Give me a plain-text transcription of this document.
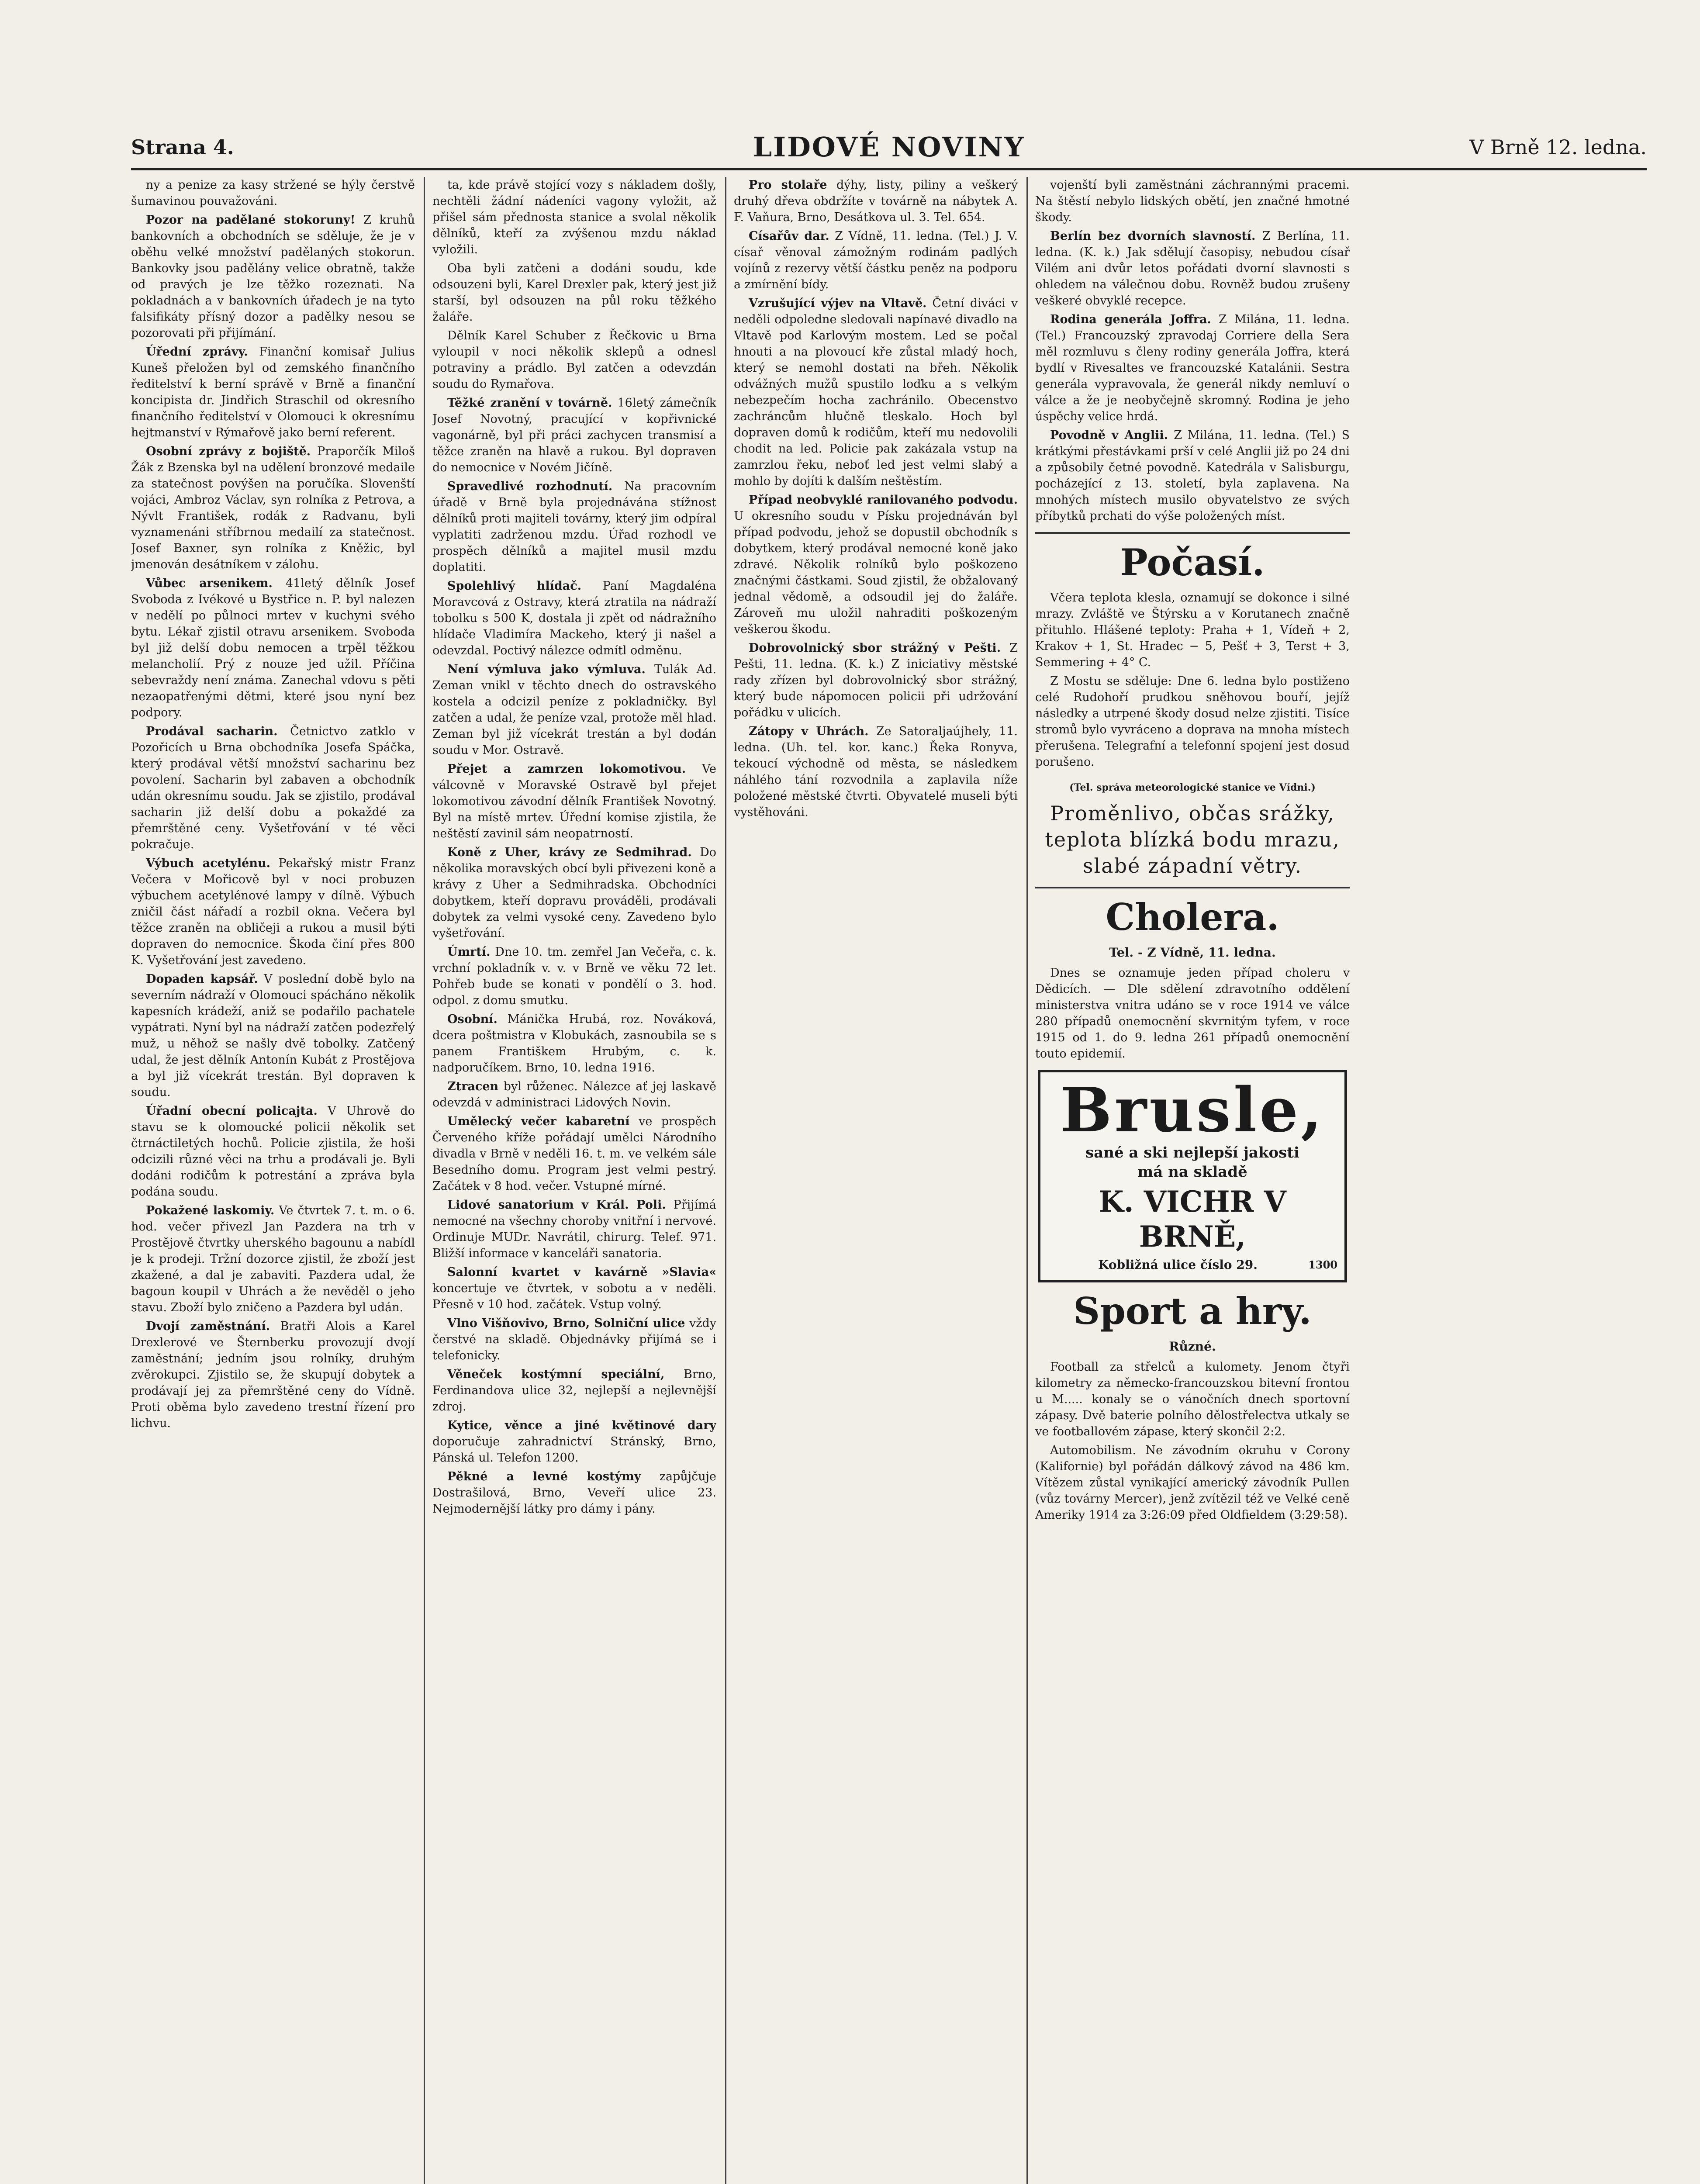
Strana 4.	LIDOVÉ NOVINY	V Brně 12. ledna.

ny a penize za kasy stržené se hýly čerstvě šumavinou pouvažováni.

Pozor na padělané stokoruny! Z kruhů bankovních a obchodních se sděluje, že je v oběhu velké množství padělaných stokorun. Bankovky jsou padělány velice obratně, takže od pravých je lze těžko rozeznati. Na pokladnách a v bankovních úřadech je na tyto falsifikáty přísný dozor a padělky nesou se pozorovati při přijímání.

Úřední zprávy. Finanční komisař Julius Kuneš přeložen byl od zemského finančního ředitelství k berní správě v Brně a finanční koncipista dr. Jindřich Straschil od okresního finančního ředitelství v Olomouci k okresnímu hejtmanství v Rýmařově jako berní referent.

Osobní zprávy z bojiště. Praporčík Miloš Žák z Bzenska byl na udělení bronzové medaile za statečnost povýšen na poručíka. Slovenští vojáci, Ambroz Václav, syn rolníka z Petrova, a Nývlt František, rodák z Radvanu, byli vyznamenáni stříbrnou medailí za statečnost. Josef Baxner, syn rolníka z Kněžic, byl jmenován desátníkem v zálohu.

Vůbec arsenikem. 41letý dělník Josef Svoboda z Ivékové u Bystřice n. P. byl nalezen v nedělí po půlnoci mrtev v kuchyni svého bytu. Lékař zjistil otravu arsenikem. Svoboda byl již delší dobu nemocen a trpěl těžkou melancholií. Prý z nouze jed užil. Příčina sebevraždy není známa. Zanechal vdovu s pěti nezaopatřenými dětmi, které jsou nyní bez podpory.

Prodával sacharin. Četnictvo zatklo v Pozořicích u Brna obchodníka Josefa Spáčka, který prodával větší množství sacharinu bez povolení. Sacharin byl zabaven a obchodník udán okresnímu soudu. Jak se zjistilo, prodával sacharin již delší dobu a pokaždé za přemrštěné ceny. Vyšetřování v té věci pokračuje.

Výbuch acetylénu. Pekařský mistr Franz Večera v Mořicově byl v noci probuzen výbuchem acetylénové lampy v dílně. Výbuch zničil část nářadí a rozbil okna. Večera byl těžce zraněn na obličeji a rukou a musil býti dopraven do nemocnice. Škoda činí přes 800 K. Vyšetřování jest zavedeno.

Dopaden kapsář. V poslední době bylo na severním nádraží v Olomouci spácháno několik kapesních krádeží, aniž se podařilo pachatele vypátrati. Nyní byl na nádraží zatčen podezřelý muž, u něhož se našly dvě tobolky. Zatčený udal, že jest dělník Antonín Kubát z Prostějova a byl již vícekrát trestán. Byl dopraven k soudu.

Úřadní obecní policajta. V Uhrově do stavu se k olomoucké policii několik set čtrnáctiletých hochů. Policie zjistila, že hoši odcizili různé věci na trhu a prodávali je. Byli dodáni rodičům k potrestání a zpráva byla podána soudu.

Pokažené laskomiy. Ve čtvrtek 7. t. m. o 6. hod. večer přivezl Jan Pazdera na trh v Prostějově čtvrtky uherského bagounu a nabídl je k prodeji. Tržní dozorce zjistil, že zboží jest zkažené, a dal je zabaviti. Pazdera udal, že bagoun koupil v Uhrách a že nevěděl o jeho stavu. Zboží bylo zničeno a Pazdera byl udán.

Dvojí zaměstnání. Bratři Alois a Karel Drexlerové ve Šternberku provozují dvojí zaměstnání; jedním jsou rolníky, druhým zvěrokupci. Zjistilo se, že skupují dobytek a prodávají jej za přemrštěné ceny do Vídně. Proti oběma bylo zavedeno trestní řízení pro lichvu.

ta, kde právě stojící vozy s nákladem došly, nechtěli žádní nádeníci vagony vyložit, až přišel sám přednosta stanice a svolal několik dělníků, kteří za zvýšenou mzdu náklad vyložili.

Oba byli zatčeni a dodáni soudu, kde odsouzeni byli, Karel Drexler pak, který jest již starší, byl odsouzen na půl roku těžkého žaláře.

Dělník Karel Schuber z Řečkovic u Brna vyloupil v noci několik sklepů a odnesl potraviny a prádlo. Byl zatčen a odevzdán soudu do Rymařova.

Těžké zranění v továrně. 16letý zámečník Josef Novotný, pracující v kopřivnické vagonárně, byl při práci zachycen transmisí a těžce zraněn na hlavě a rukou. Byl dopraven do nemocnice v Novém Jičíně.

Spravedlivé rozhodnutí. Na pracovním úřadě v Brně byla projednávána stížnost dělníků proti majiteli továrny, který jim odpíral vyplatiti zadrženou mzdu. Úřad rozhodl ve prospěch dělníků a majitel musil mzdu doplatiti.

Spolehlivý hlídač. Paní Magdaléna Moravcová z Ostravy, která ztratila na nádraží tobolku s 500 K, dostala ji zpět od nádražního hlídače Vladimíra Mackeho, který ji našel a odevzdal. Poctivý nálezce odmítl odměnu.

Není výmluva jako výmluva. Tulák Ad. Zeman vnikl v těchto dnech do ostravského kostela a odcizil peníze z pokladničky. Byl zatčen a udal, že peníze vzal, protože měl hlad. Zeman byl již vícekrát trestán a byl dodán soudu v Mor. Ostravě.

Přejet a zamrzen lokomotivou. Ve válcovně v Moravské Ostravě byl přejet lokomotivou závodní dělník František Novotný. Byl na místě mrtev. Úřední komise zjistila, že neštěstí zavinil sám neopatrností.

Koně z Uher, krávy ze Sedmihrad. Do několika moravských obcí byli přivezeni koně a krávy z Uher a Sedmihradska. Obchodníci dobytkem, kteří dopravu prováděli, prodávali dobytek za velmi vysoké ceny. Zavedeno bylo vyšetřování.

Úmrtí. Dne 10. tm. zemřel Jan Večeřa, c. k. vrchní pokladník v. v. v Brně ve věku 72 let. Pohřeb bude se konati v pondělí o 3. hod. odpol. z domu smutku.

Osobní. Mánička Hrubá, roz. Nováková, dcera poštmistra v Klobukách, zasnoubila se s panem Františkem Hrubým, c. k. nadporučíkem. Brno, 10. ledna 1916.

Ztracen byl růženec. Nálezce ať jej laskavě odevzdá v administraci Lidových Novin.

Umělecký večer kabaretní ve prospěch Červeného kříže pořádají umělci Národního divadla v Brně v neděli 16. t. m. ve velkém sále Besedního domu. Program jest velmi pestrý. Začátek v 8 hod. večer. Vstupné mírné.

Lidové sanatorium v Král. Poli. Přijímá nemocné na všechny choroby vnitřní i nervové. Ordinuje MUDr. Navrátil, chirurg. Telef. 971. Bližší informace v kanceláři sanatoria.

Salonní kvartet v kavárně »Slavia« koncertuje ve čtvrtek, v sobotu a v neděli. Přesně v 10 hod. začátek. Vstup volný.

Vlno Višňovivo, Brno, Solniční ulice vždy čerstvé na skladě. Objednávky přijímá se i telefonicky.

Věneček kostýmní speciální, Brno, Ferdinandova ulice 32, nejlepší a nejlevnější zdroj.

Kytice, věnce a jiné květinové dary doporučuje zahradnictví Stránský, Brno, Pánská ul. Telefon 1200.

Pěkné a levné kostýmy zapůjčuje Dostrašilová, Brno, Veveří ulice 23. Nejmodernější látky pro dámy i pány.

Pro stolaře dýhy, listy, piliny a veškerý druhý dřeva obdržíte v továrně na nábytek A. F. Vaňura, Brno, Desátkova ul. 3. Tel. 654.

Císařův dar. Z Vídně, 11. ledna. (Tel.) J. V. císař věnoval zámožným rodinám padlých vojínů z rezervy větší částku peněz na podporu a zmírnění bídy.

Vzrušující výjev na Vltavě. Četní diváci v neděli odpoledne sledovali napínavé divadlo na Vltavě pod Karlovým mostem. Led se počal hnouti a na plovoucí kře zůstal mladý hoch, který se nemohl dostati na břeh. Několik odvážných mužů spustilo loďku a s velkým nebezpečím hocha zachránilo. Obecenstvo zachráncům hlučně tleskalo. Hoch byl dopraven domů k rodičům, kteří mu nedovolili chodit na led. Policie pak zakázala vstup na zamrzlou řeku, neboť led jest velmi slabý a mohlo by dojíti k dalším neštěstím.

Případ neobvyklé ranilovaného podvodu. U okresního soudu v Písku projednáván byl případ podvodu, jehož se dopustil obchodník s dobytkem, který prodával nemocné koně jako zdravé. Několik rolníků bylo poškozeno značnými částkami. Soud zjistil, že obžalovaný jednal vědomě, a odsoudil jej do žaláře. Zároveň mu uložil nahraditi poškozeným veškerou škodu.

Dobrovolnický sbor strážný v Pešti. Z Pešti, 11. ledna. (K. k.) Z iniciativy městské rady zřízen byl dobrovolnický sbor strážný, který bude nápomocen policii při udržování pořádku v ulicích.

Zátopy v Uhrách. Ze Satoraljaújhely, 11. ledna. (Uh. tel. kor. kanc.) Řeka Ronyva, tekoucí východně od města, se následkem náhlého tání rozvodnila a zaplavila níže položené městské čtvrti. Obyvatelé museli býti vystěhováni.

vojenští byli zaměstnáni záchrannými pracemi. Na štěstí nebylo lidských obětí, jen značné hmotné škody.

Berlín bez dvorních slavností. Z Berlína, 11. ledna. (K. k.) Jak sdělují časopisy, nebudou císař Vilém ani dvůr letos pořádati dvorní slavnosti s ohledem na válečnou dobu. Rovněž budou zrušeny veškeré obvyklé recepce.

Rodina generála Joffra. Z Milána, 11. ledna. (Tel.) Francouzský zpravodaj Corriere della Sera měl rozmluvu s členy rodiny generála Joffra, která bydlí v Rivesaltes ve francouzské Katalánii. Sestra generála vypravovala, že generál nikdy nemluví o válce a že je neobyčejně skromný. Rodina je jeho úspěchy velice hrdá.

Povodně v Anglii. Z Milána, 11. ledna. (Tel.) S krátkými přestávkami prší v celé Anglii již po 24 dni a způsobily četné povodně. Katedrála v Salisburgu, pocházející z 13. století, byla zaplavena. Na mnohých místech musilo obyvatelstvo ze svých příbytků prchati do výše položených míst.

Počasí.

Včera teplota klesla, oznamují se dokonce i silné mrazy. Zvláště ve Štýrsku a v Korutanech značně přituhlo. Hlášené teploty: Praha + 1, Vídeň + 2, Krakov + 1, St. Hradec − 5, Pešť + 3, Terst + 3, Semmering + 4° C.

Z Mostu se sděluje: Dne 6. ledna bylo postiženo celé Rudohoří prudkou sněhovou bouří, jejíž následky a utrpené škody dosud nelze zjistiti. Tisíce stromů bylo vyvráceno a doprava na mnoha místech přerušena. Telegrafní a telefonní spojení jest dosud porušeno.

(Tel. správa meteorologické stanice ve Vídni.)
Proměnlivo, občas srážky, teplota blízká bodu mrazu, slabé západní větry.
Cholera.
Tel. - Z Vídně, 11. ledna.

Dnes se oznamuje jeden případ choleru v Dědicích. — Dle sdělení zdravotního oddělení ministerstva vnitra udáno se v roce 1914 ve válce 280 případů onemocnění skvrnitým tyfem, v roce 1915 od 1. do 9. ledna 261 případů onemocnění touto epidemií.

Brusle,
sané a ski nejlepší jakosti
má na skladě
K. VICHR V BRNĚ,
Kobližná ulice číslo 29.	1300
Sport a hry.
Různé.

Football za střelců a kulomety. Jenom čtyři kilometry za německo-francouzskou bitevní frontou u M..... konaly se o vánočních dnech sportovní zápasy. Dvě baterie polního dělostřelectva utkaly se ve footballovém zápase, který skončil 2:2.

Automobilism. Ne závodním okruhu v Corony (Kalifornie) byl pořádán dálkový závod na 486 km. Vítězem zůstal vynikající americký závodník Pullen (vůz továrny Mercer), jenž zvítězil též ve Velké ceně Ameriky 1914 za 3:26:09 před Oldfieldem (3:29:58).
